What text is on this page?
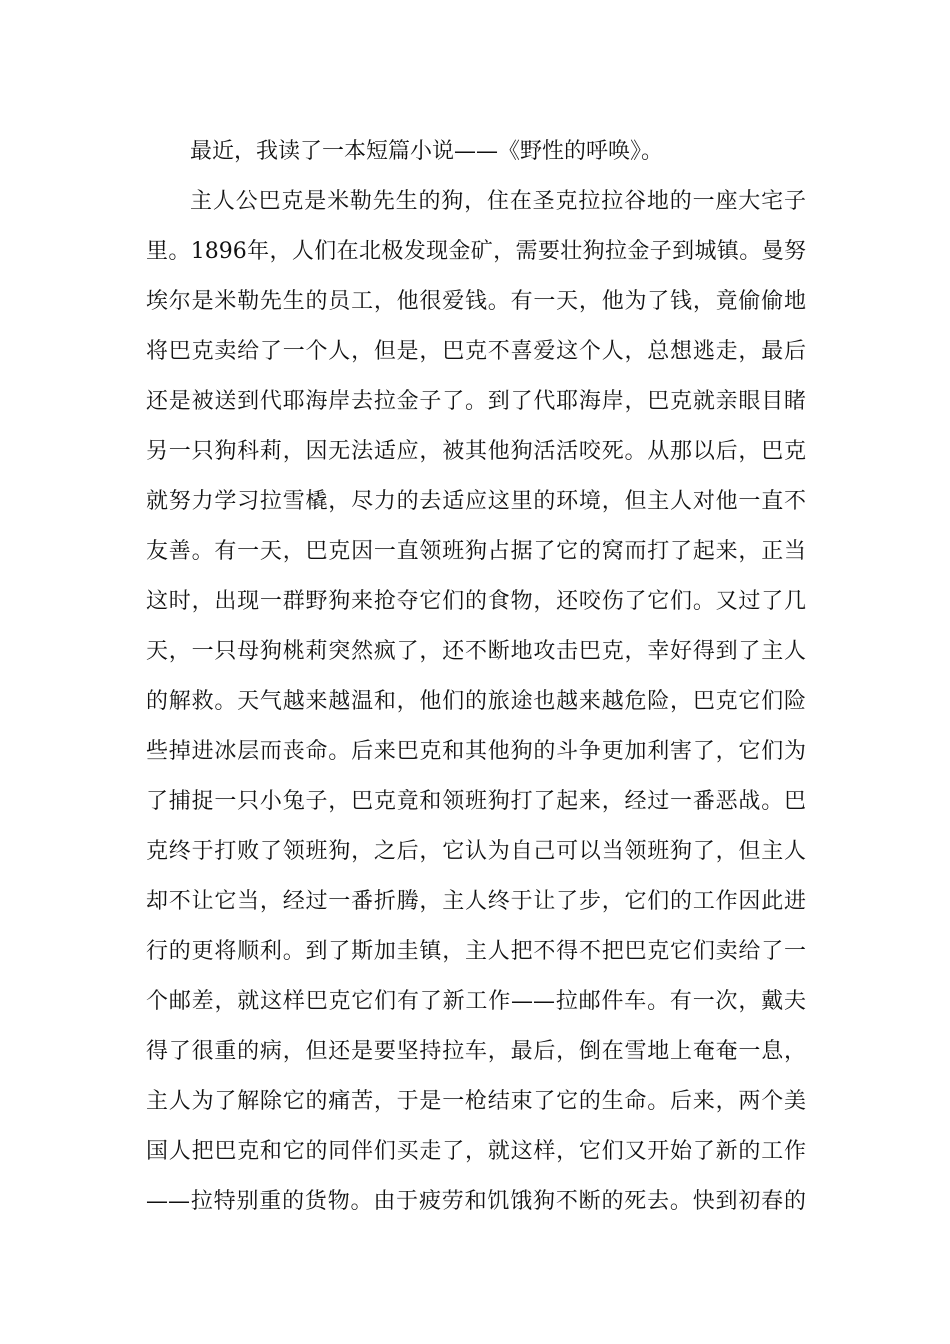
最近，我读了一本短篇小说——《野性的呼唤》。
主人公巴克是米勒先生的狗，住在圣克拉拉谷地的一座大宅子
里。1896年，人们在北极发现金矿，需要壮狗拉金子到城镇。曼努
埃尔是米勒先生的员工，他很爱钱。有一天，他为了钱，竟偷偷地
将巴克卖给了一个人，但是，巴克不喜爱这个人，总想逃走，最后
还是被送到代耶海岸去拉金子了。到了代耶海岸，巴克就亲眼目睹
另一只狗科莉，因无法适应，被其他狗活活咬死。从那以后，巴克
就努力学习拉雪橇，尽力的去适应这里的环境，但主人对他一直不
友善。有一天，巴克因一直领班狗占据了它的窝而打了起来，正当
这时，出现一群野狗来抢夺它们的食物，还咬伤了它们。又过了几
天，一只母狗桃莉突然疯了，还不断地攻击巴克，幸好得到了主人
的解救。天气越来越温和，他们的旅途也越来越危险，巴克它们险
些掉进冰层而丧命。后来巴克和其他狗的斗争更加利害了，它们为
了捕捉一只小兔子，巴克竟和领班狗打了起来，经过一番恶战。巴
克终于打败了领班狗，之后，它认为自己可以当领班狗了，但主人
却不让它当，经过一番折腾，主人终于让了步，它们的工作因此进
行的更将顺利。到了斯加圭镇，主人把不得不把巴克它们卖给了一
个邮差，就这样巴克它们有了新工作——拉邮件车。有一次，戴夫
得了很重的病，但还是要坚持拉车，最后，倒在雪地上奄奄一息，
主人为了解除它的痛苦，于是一枪结束了它的生命。后来，两个美
国人把巴克和它的同伴们买走了，就这样，它们又开始了新的工作
——拉特别重的货物。由于疲劳和饥饿狗不断的死去。快到初春的
